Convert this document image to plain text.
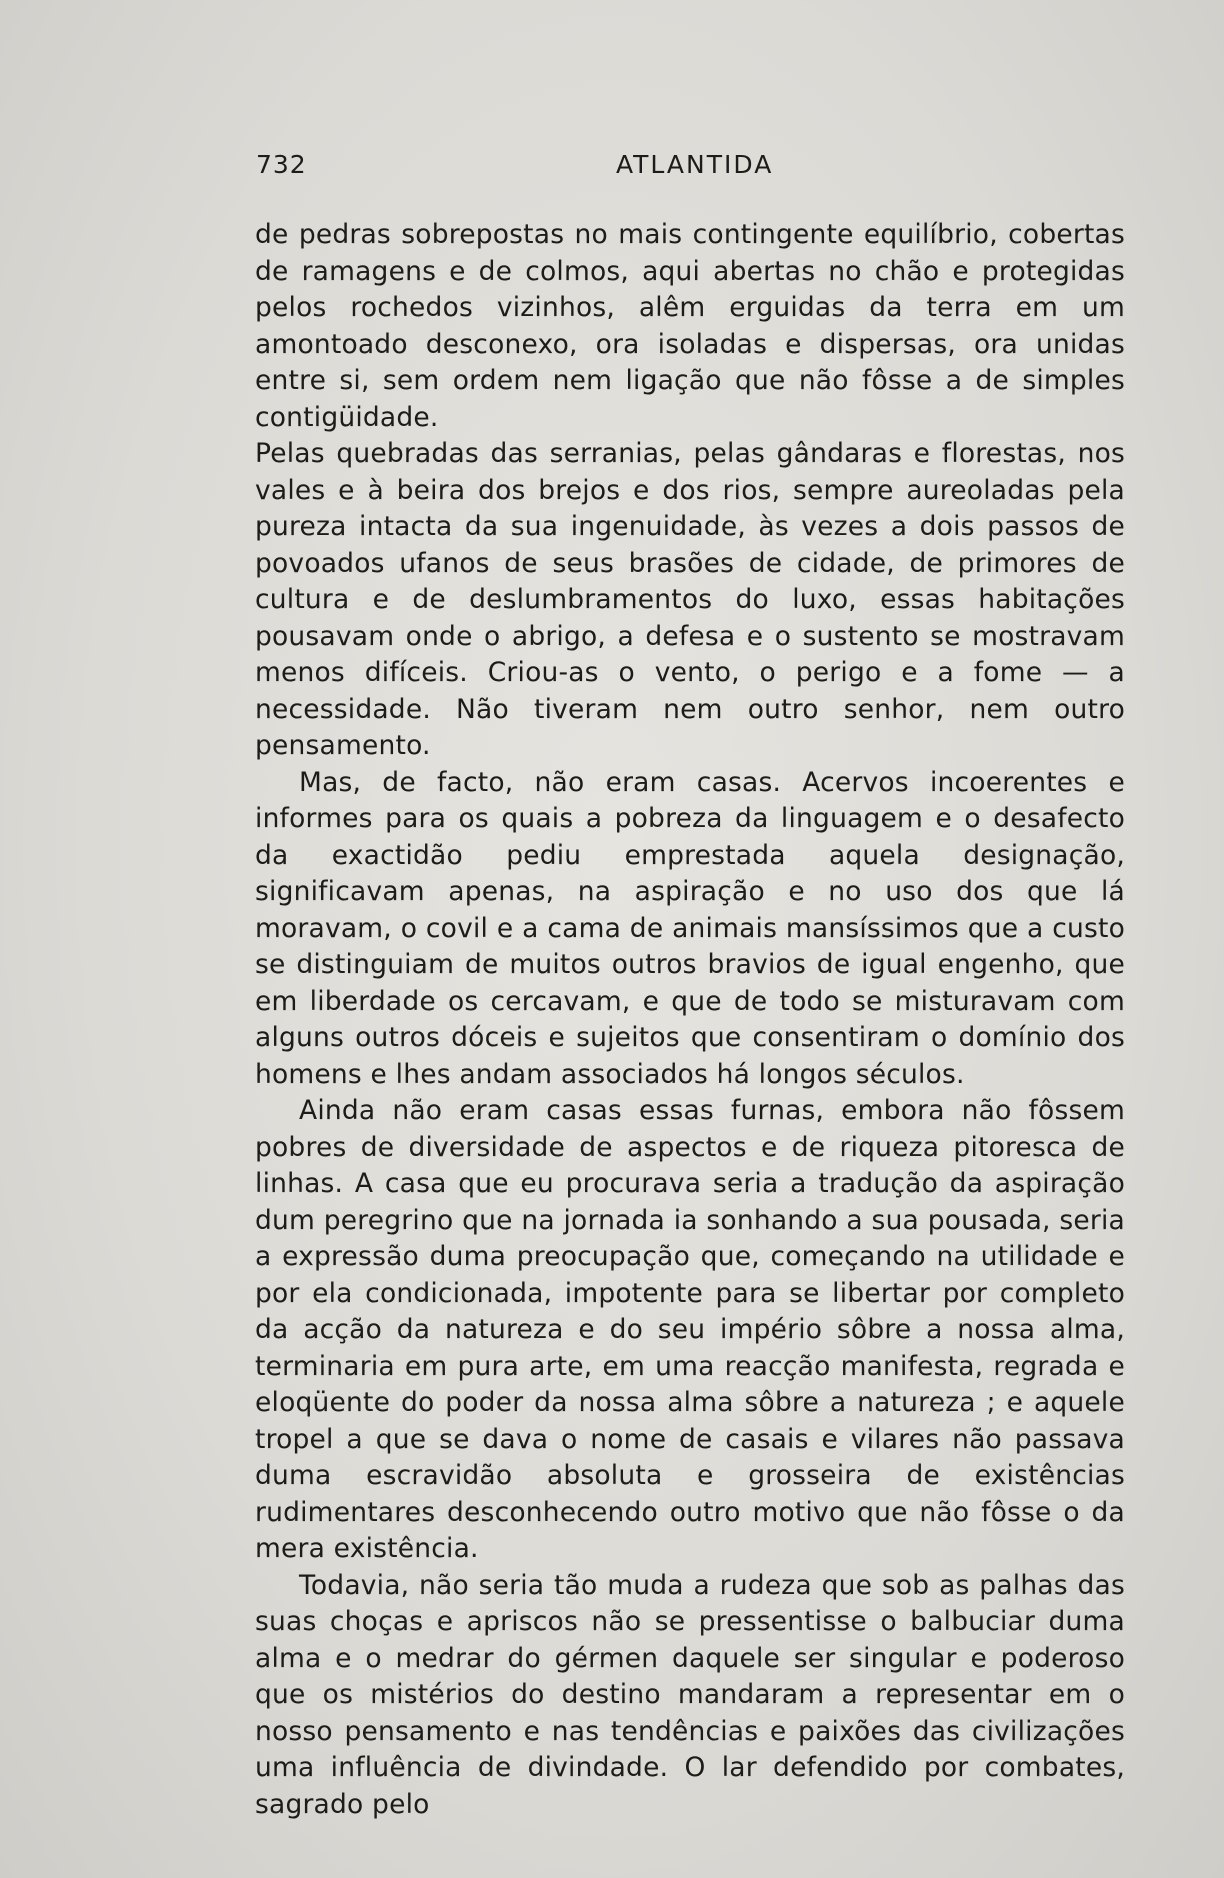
732	ATLANTIDA

de pedras sobrepostas no mais contingente equilíbrio, cobertas de ramagens e de colmos, aqui abertas no chão e protegidas pelos rochedos vizinhos, alêm erguidas da terra em um amontoado desconexo, ora isoladas e dispersas, ora unidas entre si, sem ordem nem ligação que não fôsse a de simples contigüidade.

Pelas quebradas das serranias, pelas gândaras e florestas, nos vales e à beira dos brejos e dos rios, sempre aureoladas pela pureza intacta da sua ingenuidade, às vezes a dois passos de povoados ufanos de seus brasões de cidade, de primores de cultura e de deslumbramentos do luxo, essas habitações pousavam onde o abrigo, a defesa e o sustento se mostravam menos difíceis. Criou-as o vento, o perigo e a fome — a necessidade. Não tiveram nem outro senhor, nem outro pensamento.

Mas, de facto, não eram casas. Acervos incoerentes e informes para os quais a pobreza da linguagem e o desafecto da exactidão pediu emprestada aquela designação, significavam apenas, na aspiração e no uso dos que lá moravam, o covil e a cama de animais mansíssimos que a custo se distinguiam de muitos outros bravios de igual engenho, que em liberdade os cercavam, e que de todo se misturavam com alguns outros dóceis e sujeitos que consentiram o domínio dos homens e lhes andam associados há longos séculos.

Ainda não eram casas essas furnas, embora não fôssem pobres de diversidade de aspectos e de riqueza pitoresca de linhas. A casa que eu procurava seria a tradução da aspiração dum peregrino que na jornada ia sonhando a sua pousada, seria a expressão duma preocupação que, começando na utilidade e por ela condicionada, impotente para se libertar por completo da acção da natureza e do seu império sôbre a nossa alma, terminaria em pura arte, em uma reacção manifesta, regrada e eloqüente do poder da nossa alma sôbre a natureza ; e aquele tropel a que se dava o nome de casais e vilares não passava duma escravidão absoluta e grosseira de existências rudimentares desconhecendo outro motivo que não fôsse o da mera existência.

Todavia, não seria tão muda a rudeza que sob as palhas das suas choças e apriscos não se pressentisse o balbuciar duma alma e o medrar do gérmen daquele ser singular e poderoso que os mistérios do destino mandaram a representar em o nosso pensamento e nas tendências e paixões das civilizações uma influência de divindade. O lar defendido por combates, sagrado pelo
